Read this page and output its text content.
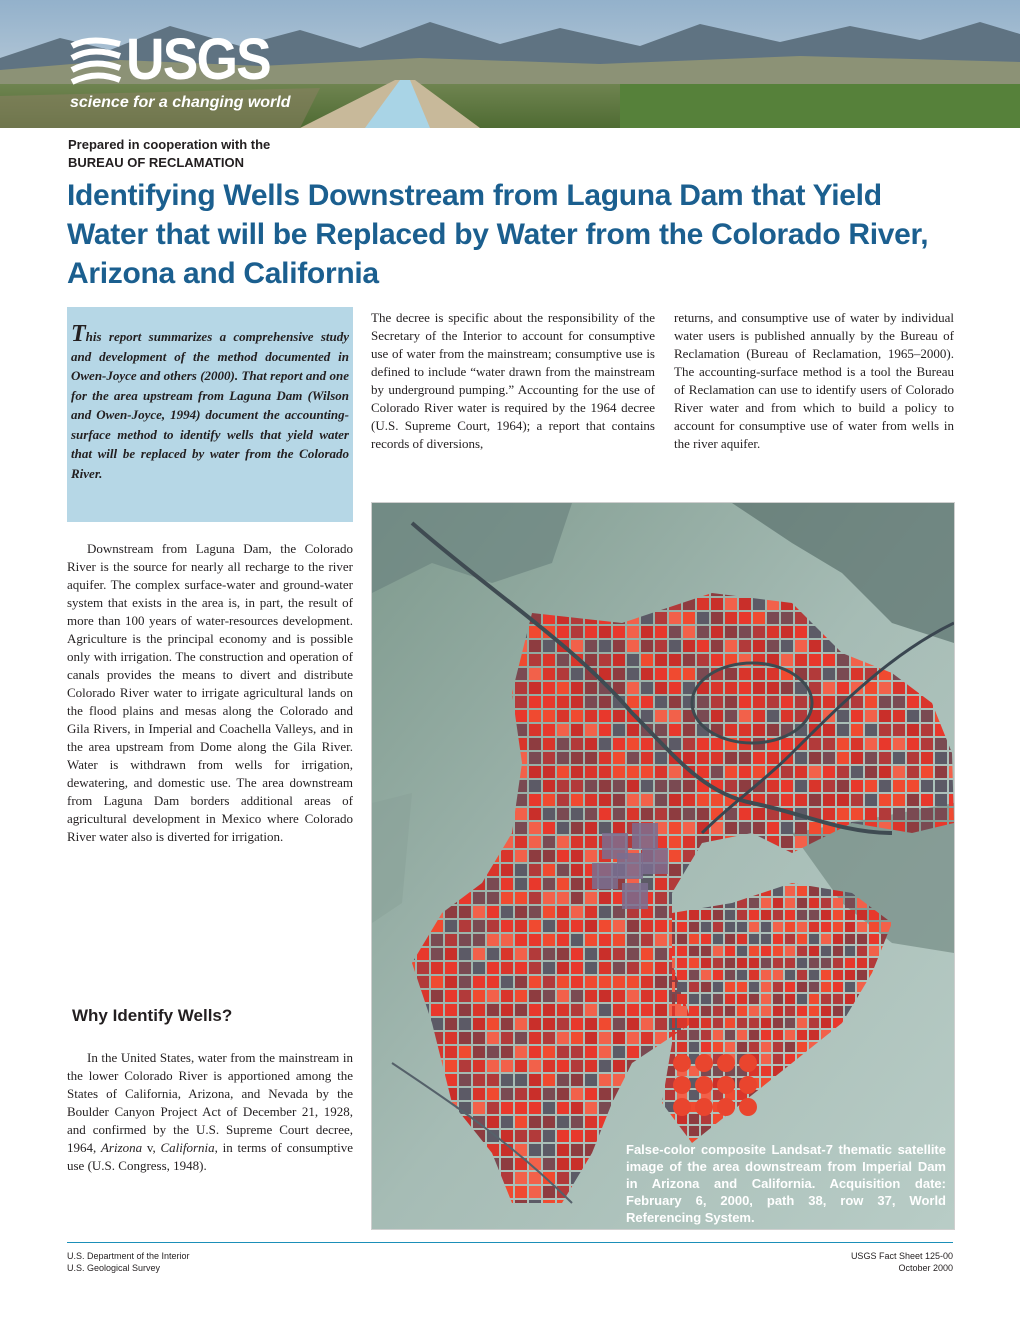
USGS
science for a changing world
Prepared in cooperation with the
BUREAU OF RECLAMATION
Identifying Wells Downstream from Laguna Dam that Yield Water that will be Replaced by Water from the Colorado River, Arizona and California

This report summarizes a comprehensive study and development of the method documented in Owen-Joyce and others (2000). That report and one for the area upstream from Laguna Dam (Wilson and Owen-Joyce, 1994) document the accounting-surface method to identify wells that yield water that will be replaced by water from the Colorado River.

Downstream from Laguna Dam, the Colorado River is the source for nearly all recharge to the river aquifer. The complex surface-water and ground-water system that exists in the area is, in part, the result of more than 100 years of water-resources development. Agriculture is the principal economy and is possible only with irrigation. The construction and operation of canals provides the means to divert and distribute Colorado River water to irrigate agricultural lands on the flood plains and mesas along the Colorado and Gila Rivers, in Imperial and Coachella Valleys, and in the area upstream from Dome along the Gila River. Water is withdrawn from wells for irrigation, dewatering, and domestic use. The area downstream from Laguna Dam borders additional areas of agricultural development in Mexico where Colorado River water also is diverted for irrigation.

Why Identify Wells?

In the United States, water from the mainstream in the lower Colorado River is apportioned among the States of California, Arizona, and Nevada by the Boulder Canyon Project Act of December 21, 1928, and confirmed by the U.S. Supreme Court decree, 1964, Arizona v, California, in terms of consumptive use (U.S. Congress, 1948).

The decree is specific about the responsibility of the Secretary of the Interior to account for consumptive use of water from the mainstream; consumptive use is defined to include “water drawn from the mainstream by underground pumping.” Accounting for the use of Colorado River water is required by the 1964 decree (U.S. Supreme Court, 1964); a report that contains records of diversions,

returns, and consumptive use of water by individual water users is published annually by the Bureau of Reclamation (Bureau of Reclamation, 1965–2000). The accounting-surface method is a tool the Bureau of Reclamation can use to identify users of Colorado River water and from which to build a policy to account for consumptive use of water from wells in the river aquifer.

False-color composite Landsat-7 thematic satellite image of the area downstream from Imperial Dam in Arizona and California. Acquisition date: February 6, 2000, path 38, row 37, World Referencing System.

U.S. Department of the Interior
U.S. Geological Survey
USGS Fact Sheet 125-00
October 2000
